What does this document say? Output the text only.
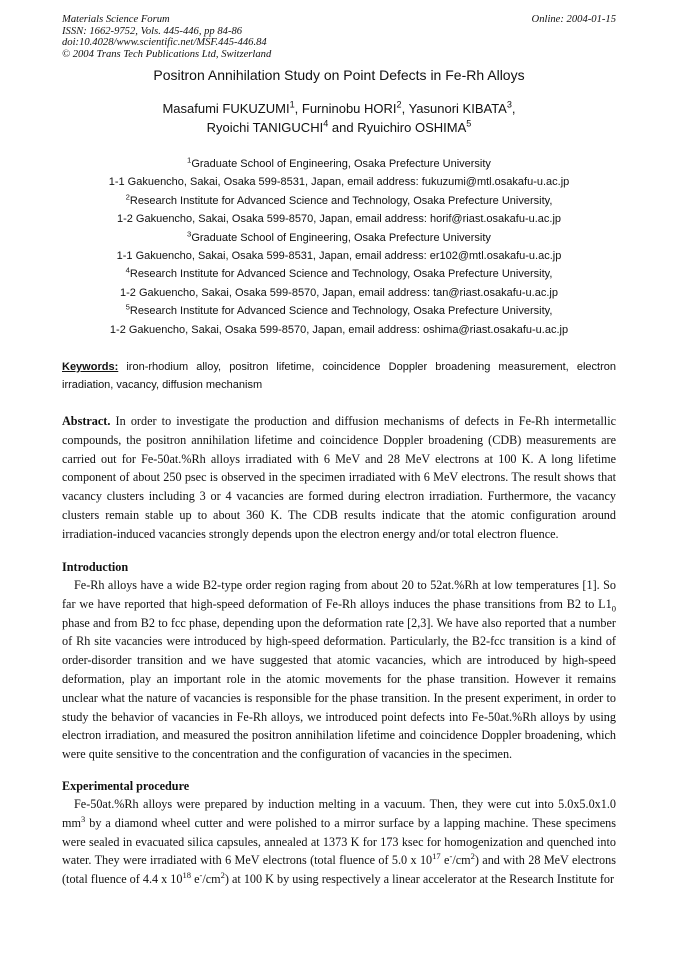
Materials Science Forum	Online: 2004-01-15
ISSN: 1662-9752, Vols. 445-446, pp 84-86
doi:10.4028/www.scientific.net/MSF.445-446.84
© 2004 Trans Tech Publications Ltd, Switzerland
Positron Annihilation Study on Point Defects in Fe-Rh Alloys
Masafumi FUKUZUMI$^1$, Furninobu HORI$^2$, Yasunori KIBATA$^3$,
Ryoichi TANIGUCHI$^4$ and Ryuichiro OSHIMA$^5$
$^1$Graduate School of Engineering, Osaka Prefecture University
1-1 Gakuencho, Sakai, Osaka 599-8531, Japan, email address: fukuzumi@mtl.osakafu-u.ac.jp
$^2$Research Institute for Advanced Science and Technology, Osaka Prefecture University,
1-2 Gakuencho, Sakai, Osaka 599-8570, Japan, email address: horif@riast.osakafu-u.ac.jp
$^3$Graduate School of Engineering, Osaka Prefecture University
1-1 Gakuencho, Sakai, Osaka 599-8531, Japan, email address: er102@mtl.osakafu-u.ac.jp
$^4$Research Institute for Advanced Science and Technology, Osaka Prefecture University,
1-2 Gakuencho, Sakai, Osaka 599-8570, Japan, email address: tan@riast.osakafu-u.ac.jp
$^5$Research Institute for Advanced Science and Technology, Osaka Prefecture University,
1-2 Gakuencho, Sakai, Osaka 599-8570, Japan, email address: oshima@riast.osakafu-u.ac.jp
Keywords: iron-rhodium alloy, positron lifetime, coincidence Doppler broadening measurement, electron irradiation, vacancy, diffusion mechanism
Abstract. In order to investigate the production and diffusion mechanisms of defects in Fe-Rh intermetallic compounds, the positron annihilation lifetime and coincidence Doppler broadening (CDB) measurements are carried out for Fe-50at.%Rh alloys irradiated with 6 MeV and 28 MeV electrons at 100 K. A long lifetime component of about 250 psec is observed in the specimen irradiated with 6 MeV electrons. The result shows that vacancy clusters including 3 or 4 vacancies are formed during electron irradiation. Furthermore, the vacancy clusters remain stable up to about 360 K. The CDB results indicate that the atomic configuration around irradiation-induced vacancies strongly depends upon the electron energy and/or total electron fluence.
Introduction
Fe-Rh alloys have a wide B2-type order region raging from about 20 to 52at.%Rh at low temperatures [1]. So far we have reported that high-speed deformation of Fe-Rh alloys induces the phase transitions from B2 to $L1_0$ phase and from B2 to fcc phase, depending upon the deformation rate [2,3]. We have also reported that a number of Rh site vacancies were introduced by high-speed deformation. Particularly, the B2-fcc transition is a kind of order-disorder transition and we have suggested that atomic vacancies, which are introduced by high-speed deformation, play an important role in the atomic movements for the phase transition. However it remains unclear what the nature of vacancies is responsible for the phase transition. In the present experiment, in order to study the behavior of vacancies in Fe-Rh alloys, we introduced point defects into Fe-50at.%Rh alloys by using electron irradiation, and measured the positron annihilation lifetime and coincidence Doppler broadening, which were quite sensitive to the concentration and the configuration of vacancies in the specimen.
Experimental procedure
Fe-50at.%Rh alloys were prepared by induction melting in a vacuum. Then, they were cut into 5.0x5.0x1.0 $mm^3$ by a diamond wheel cutter and were polished to a mirror surface by a lapping machine. These specimens were sealed in evacuated silica capsules, annealed at 1373 K for 173 ksec for homogenization and quenched into water. They were irradiated with 6 MeV electrons (total fluence of 5.0 x $10^{17}$ $e^-/cm^2$) and with 28 MeV electrons (total fluence of 4.4 x $10^{18}$ $e^-/cm^2$) at 100 K by using respectively a linear accelerator at the Research Institute for
